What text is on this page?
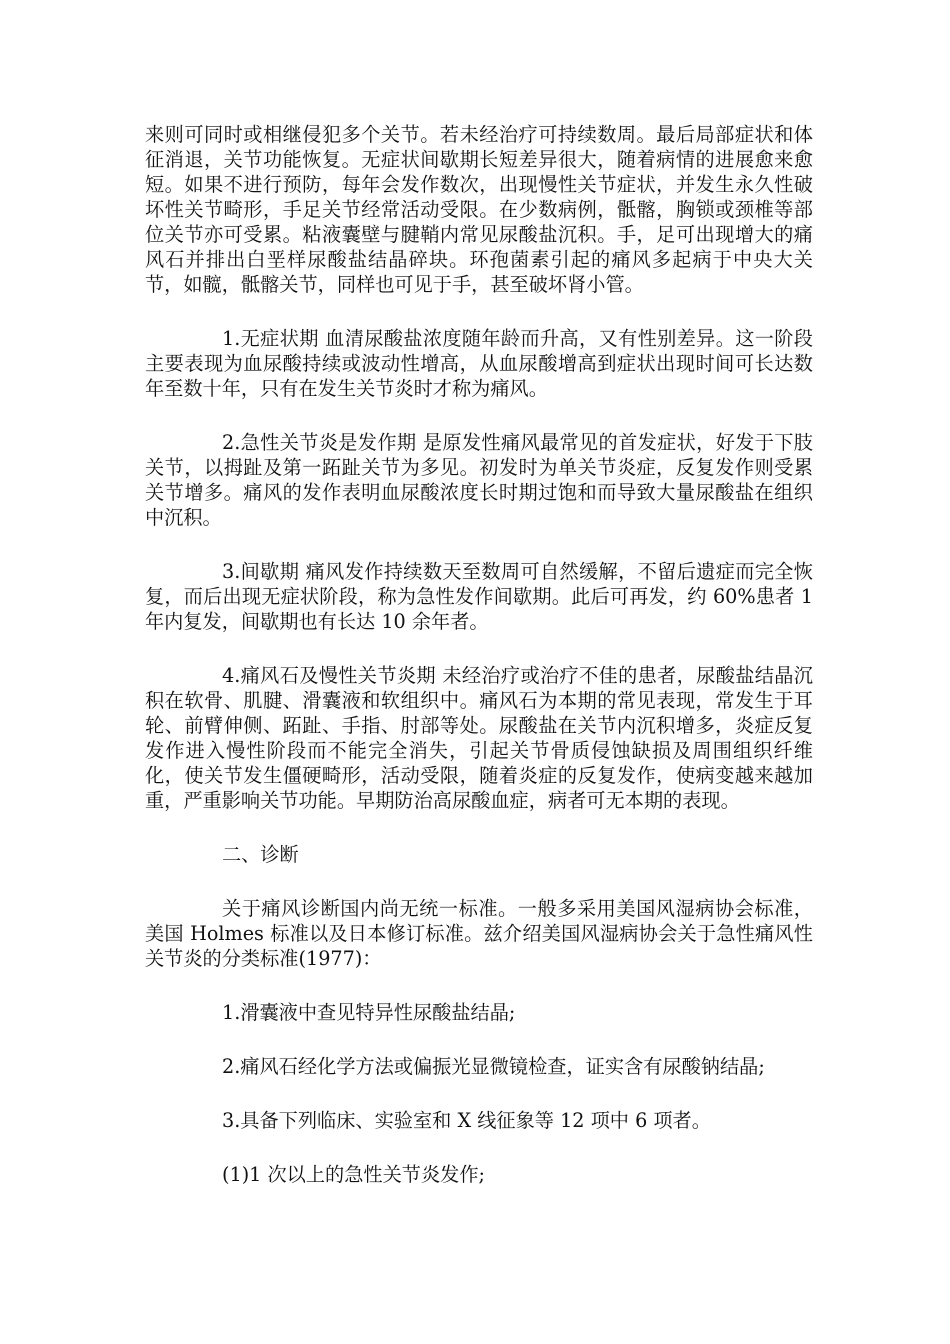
来则可同时或相继侵犯多个关节。若未经治疗可持续数周。最后局部症状和体征消退，关节功能恢复。无症状间歇期长短差异很大，随着病情的进展愈来愈短。如果不进行预防，每年会发作数次，出现慢性关节症状，并发生永久性破坏性关节畸形，手足关节经常活动受限。在少数病例，骶髂，胸锁或颈椎等部位关节亦可受累。粘液囊壁与腱鞘内常见尿酸盐沉积。手，足可出现增大的痛风石并排出白垩样尿酸盐结晶碎块。环孢菌素引起的痛风多起病于中央大关节，如髋，骶髂关节，同样也可见于手，甚至破坏肾小管。

1.无症状期 血清尿酸盐浓度随年龄而升高，又有性别差异。这一阶段主要表现为血尿酸持续或波动性增高，从血尿酸增高到症状出现时间可长达数年至数十年，只有在发生关节炎时才称为痛风。

2.急性关节炎是发作期 是原发性痛风最常见的首发症状，好发于下肢关节，以拇趾及第一跖趾关节为多见。初发时为单关节炎症，反复发作则受累关节增多。痛风的发作表明血尿酸浓度长时期过饱和而导致大量尿酸盐在组织中沉积。

3.间歇期 痛风发作持续数天至数周可自然缓解，不留后遗症而完全恢复，而后出现无症状阶段，称为急性发作间歇期。此后可再发，约 60%患者 1 年内复发，间歇期也有长达 10 余年者。

4.痛风石及慢性关节炎期 未经治疗或治疗不佳的患者，尿酸盐结晶沉积在软骨、肌腱、滑囊液和软组织中。痛风石为本期的常见表现，常发生于耳轮、前臂伸侧、跖趾、手指、肘部等处。尿酸盐在关节内沉积增多，炎症反复发作进入慢性阶段而不能完全消失，引起关节骨质侵蚀缺损及周围组织纤维化，使关节发生僵硬畸形，活动受限，随着炎症的反复发作，使病变越来越加重，严重影响关节功能。早期防治高尿酸血症，病者可无本期的表现。

二、诊断

关于痛风诊断国内尚无统一标准。一般多采用美国风湿病协会标准，美国 Holmes 标准以及日本修订标准。兹介绍美国风湿病协会关于急性痛风性关节炎的分类标准(1977)：

1.滑囊液中查见特异性尿酸盐结晶;

2.痛风石经化学方法或偏振光显微镜检查，证实含有尿酸钠结晶;

3.具备下列临床、实验室和 X 线征象等 12 项中 6 项者。

(1)1 次以上的急性关节炎发作;
